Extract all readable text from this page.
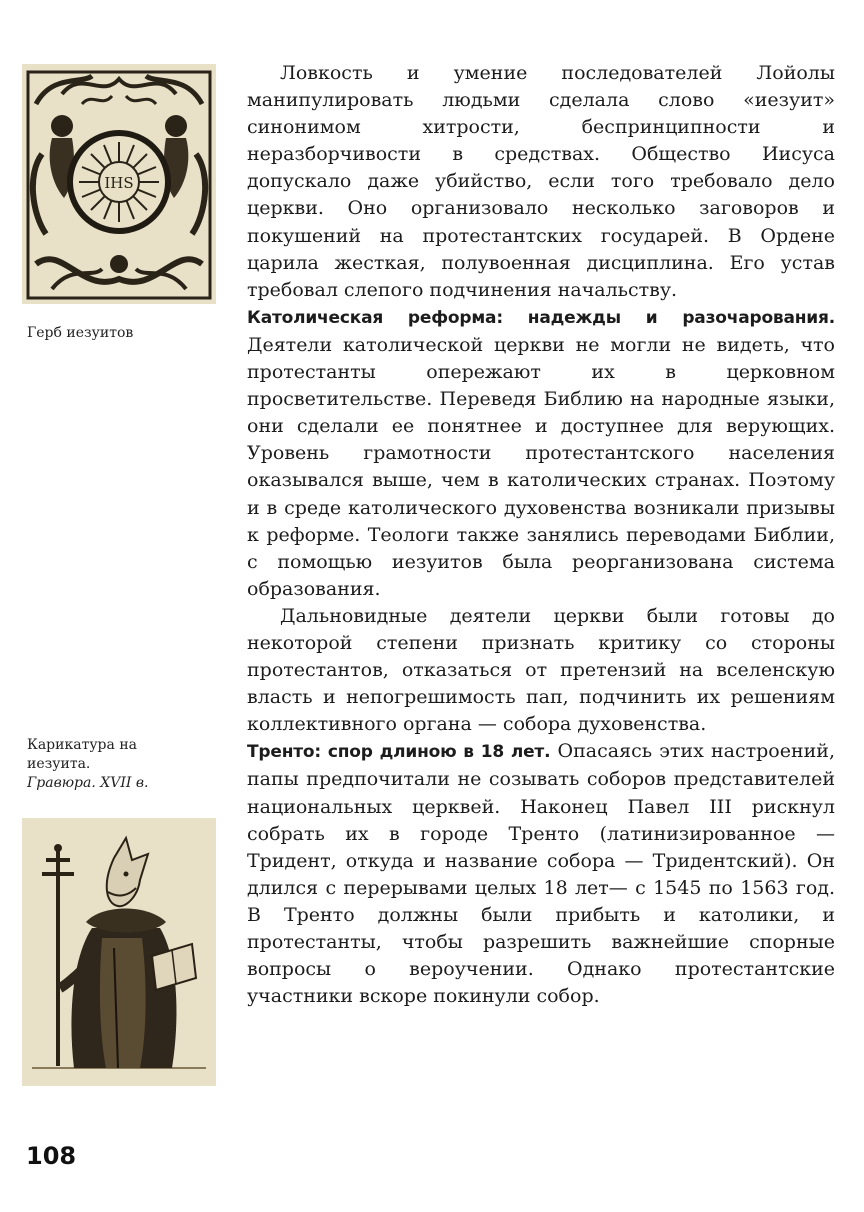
IHS
Герб иезуитов
Карикатура на
иезуита.
Гравюра. XVII в.

Ловкость и умение последователей Лойолы манипулировать людьми сделала слово «иезуит» синонимом хитрости, беспринципности и неразборчивости в средствах. Общество Иисуса допускало даже убийство, если того требовало дело церкви. Оно организовало несколько заговоров и покушений на протестантских государей. В Ордене царила жесткая, полувоенная дисциплина. Его устав требовал слепого подчинения начальству.

Католическая реформа: надежды и разочарования. Деятели католической церкви не могли не видеть, что протестанты опережают их в церковном просветительстве. Переведя Библию на народные языки, они сделали ее понятнее и доступнее для верующих. Уровень грамотности протестантского населения оказывался выше, чем в католических странах. Поэтому и в среде католического духовенства возникали призывы к реформе. Теологи также занялись переводами Библии, с помощью иезуитов была реорганизована система образования.

Дальновидные деятели церкви были готовы до некоторой степени признать критику со стороны протестантов, отказаться от претензий на вселенскую власть и непогрешимость пап, подчинить их решениям коллективного органа — собора духовенства.

Тренто: спор длиною в 18 лет. Опасаясь этих настроений, папы предпочитали не созывать соборов представителей национальных церквей. Наконец Павел III рискнул собрать их в городе Тренто (латинизированное — Тридент, откуда и название собора — Тридентский). Он длился с перерывами целых 18 лет— с 1545 по 1563 год. В Тренто должны были прибыть и католики, и протестанты, чтобы разрешить важнейшие спорные вопросы о вероучении. Однако протестантские участники вскоре покинули собор.

108
